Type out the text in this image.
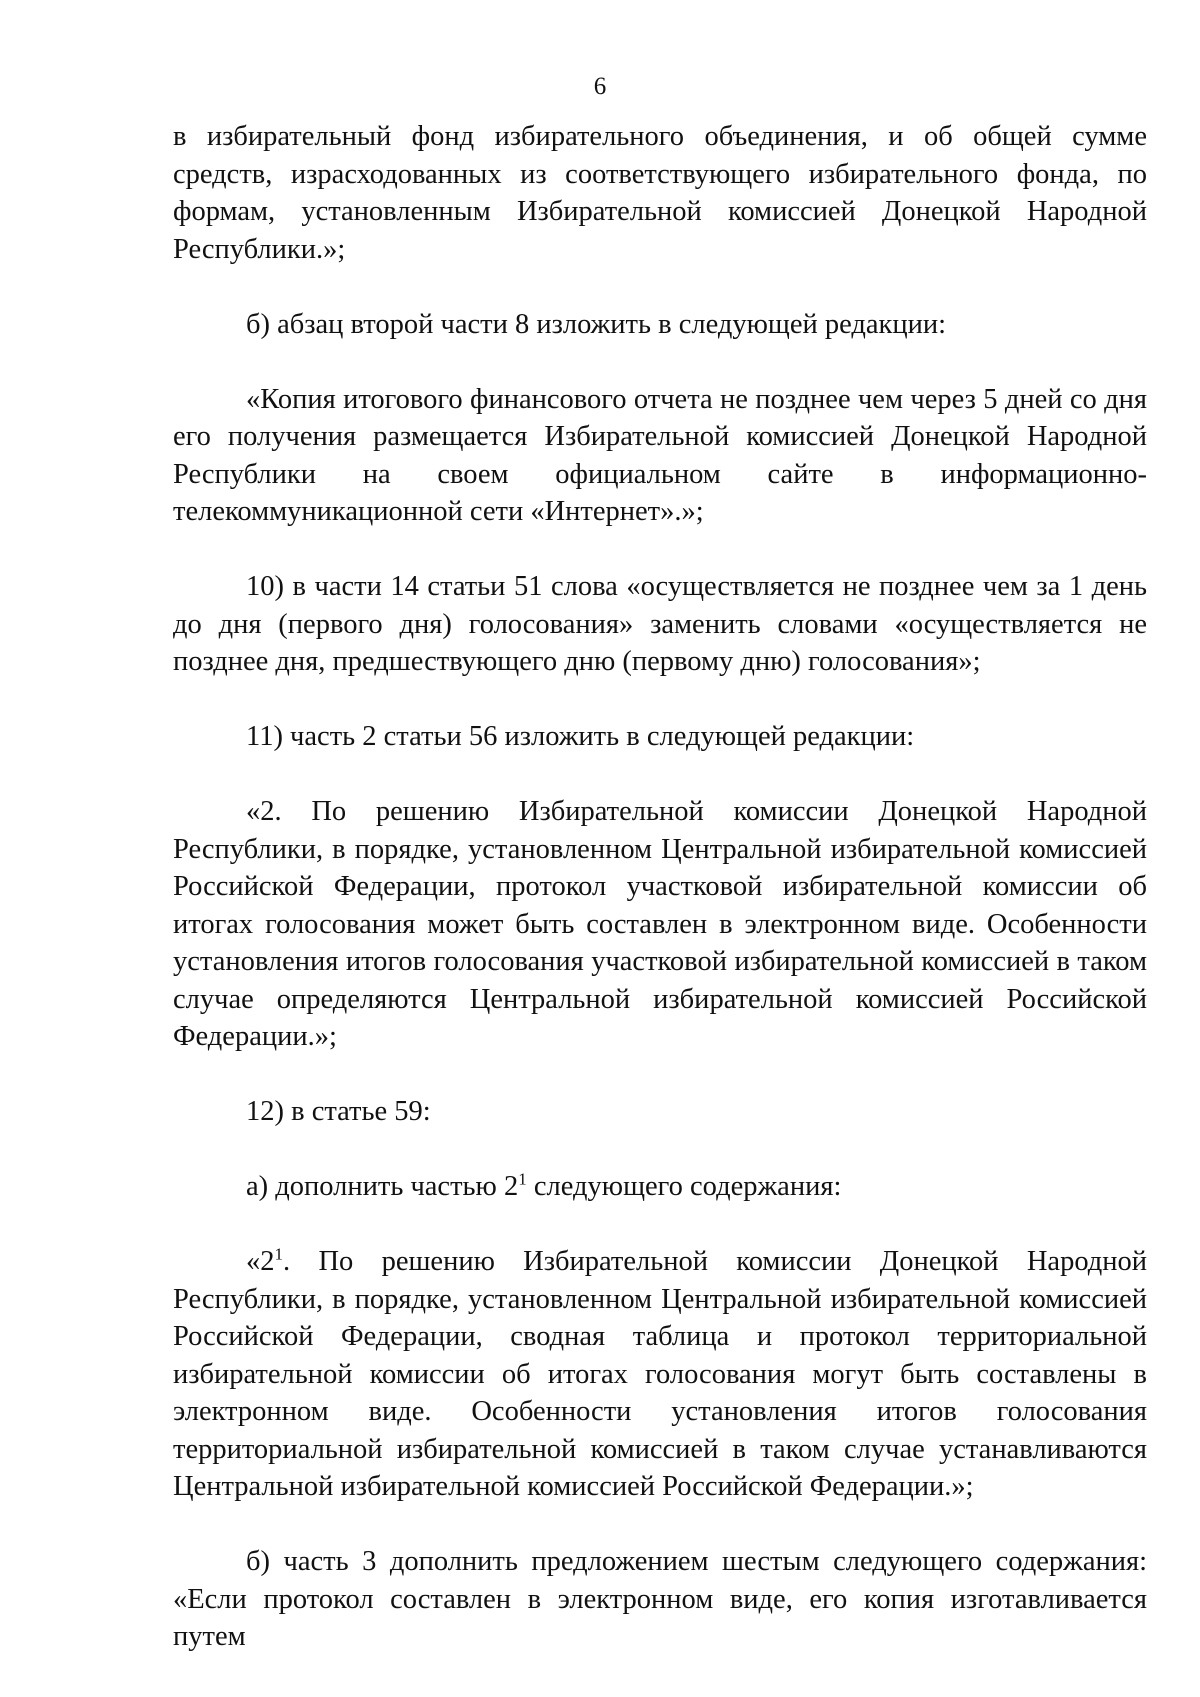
6

в избирательный фонд избирательного объединения, и об общей сумме средств, израсходованных из соответствующего избирательного фонда, по формам, установленным Избирательной комиссией Донецкой Народной Республики.»;

б) абзац второй части 8 изложить в следующей редакции:

«Копия итогового финансового отчета не позднее чем через 5 дней со дня его получения размещается Избирательной комиссией Донецкой Народной Республики на своем официальном сайте в информационно-телекоммуникационной сети «Интернет».»;

10) в части 14 статьи 51 слова «осуществляется не позднее чем за 1 день до дня (первого дня) голосования» заменить словами «осуществляется не позднее дня, предшествующего дню (первому дню) голосования»;

11) часть 2 статьи 56 изложить в следующей редакции:

«2. По решению Избирательной комиссии Донецкой Народной Республики, в порядке, установленном Центральной избирательной комиссией Российской Федерации, протокол участковой избирательной комиссии об итогах голосования может быть составлен в электронном виде. Особенности установления итогов голосования участковой избирательной комиссией в таком случае определяются Центральной избирательной комиссией Российской Федерации.»;

12) в статье 59:

а) дополнить частью $2^1$ следующего содержания:

«$2^1$. По решению Избирательной комиссии Донецкой Народной Республики, в порядке, установленном Центральной избирательной комиссией Российской Федерации, сводная таблица и протокол территориальной избирательной комиссии об итогах голосования могут быть составлены в электронном виде. Особенности установления итогов голосования территориальной избирательной комиссией в таком случае устанавливаются Центральной избирательной комиссией Российской Федерации.»;

б) часть 3 дополнить предложением шестым следующего содержания: «Если протокол составлен в электронном виде, его копия изготавливается путем
